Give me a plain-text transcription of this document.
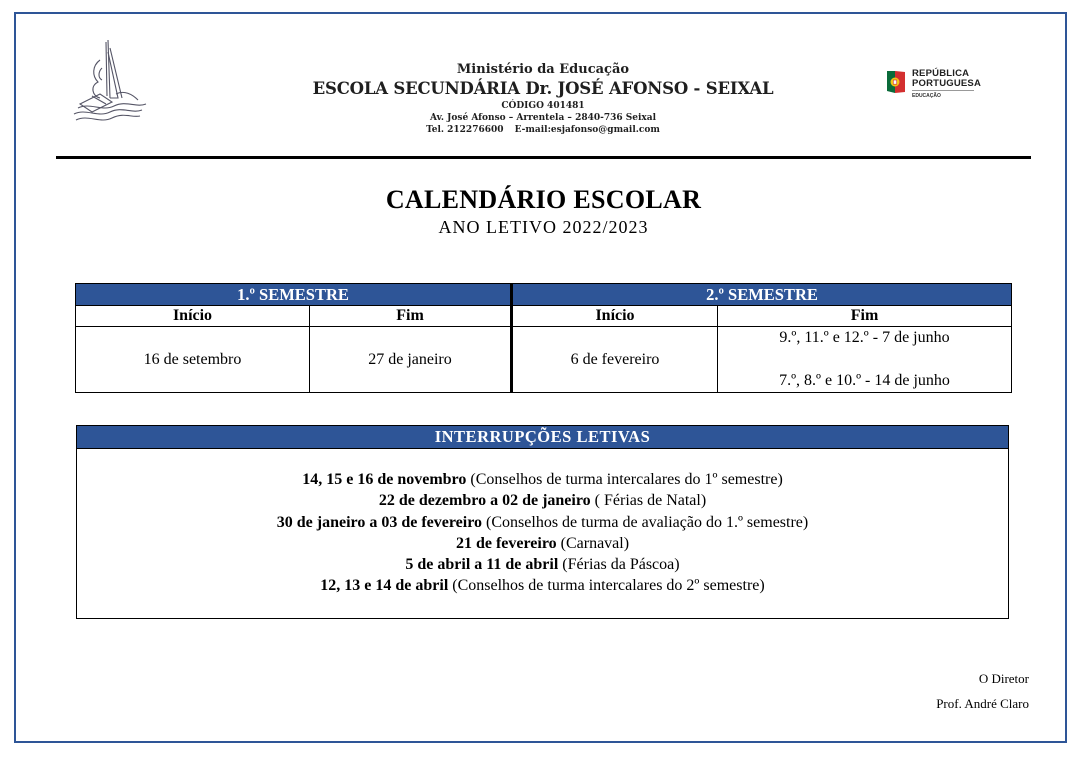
REPÚBLICA
PORTUGUESA
EDUCAÇÃO
Ministério da Educação
ESCOLA SECUNDÁRIA Dr. JOSÉ AFONSO - SEIXAL
CÓDIGO 401481
Av. José Afonso – Arrentela – 2840-736 Seixal
Tel. 212276600 E-mail:esjafonso@gmail.com
CALENDÁRIO ESCOLAR
ANO LETIVO 2022/2023
1.º SEMESTRE		2.º SEMESTRE	
Início	Fim	Início	Fim
16 de setembro	27 de janeiro	6 de fevereiro	9.º, 11.º e 12.º - 7 de junho
7.º, 8.º e 10.º - 14 de junho
INTERRUPÇÕES LETIVAS
14, 15 e 16 de novembro (Conselhos de turma intercalares do 1º semestre)
22 de dezembro a 02 de janeiro ( Férias de Natal)
30 de janeiro a 03 de fevereiro (Conselhos de turma de avaliação do 1.º semestre)
21 de fevereiro (Carnaval)
5 de abril a 11 de abril (Férias da Páscoa)
12, 13 e 14 de abril (Conselhos de turma intercalares do 2º semestre)
O Diretor
Prof. André Claro
